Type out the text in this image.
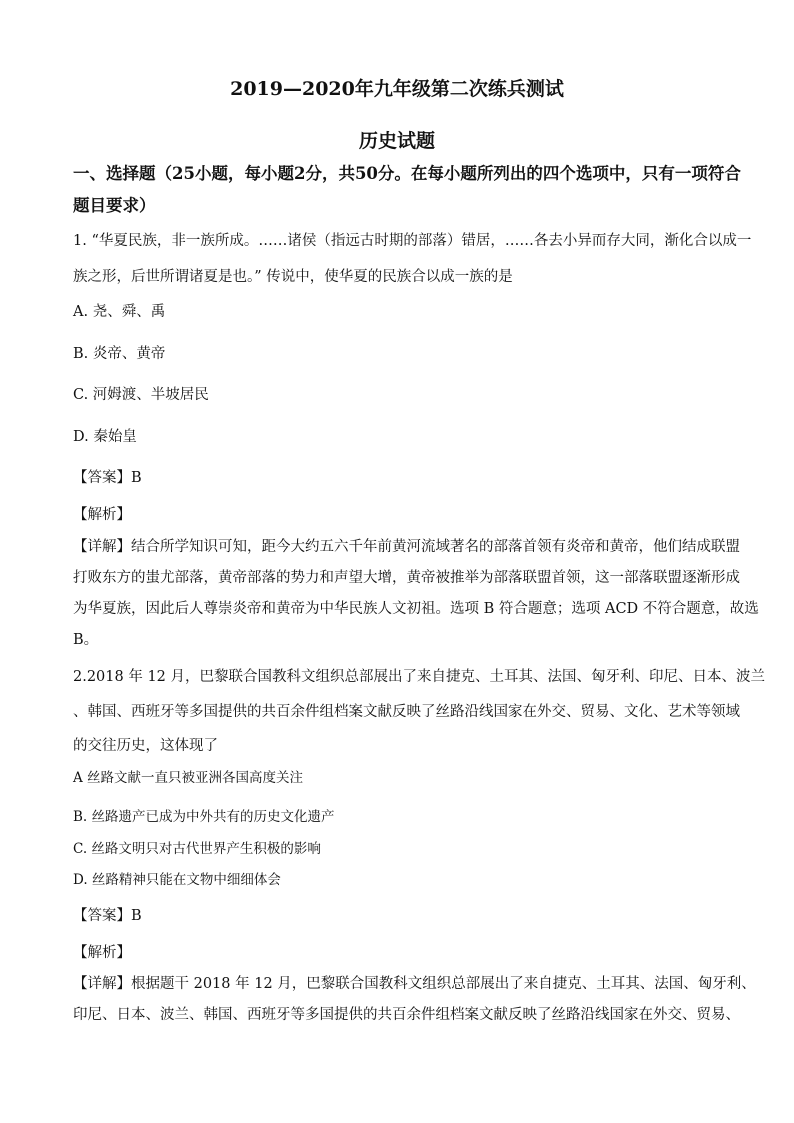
2019—2020年九年级第二次练兵测试
历史试题
一、选择题（25小题，每小题2分，共50分。在每小题所列出的四个选项中，只有一项符合
题目要求）
1. “华夏民族，非一族所成。……诸侯（指远古时期的部落）错居，……各去小异而存大同，渐化合以成一
族之形，后世所谓诸夏是也。” 传说中，使华夏的民族合以成一族的是
A. 尧、舜、禹
B. 炎帝、黄帝
C. 河姆渡、半坡居民
D. 秦始皇
【答案】B
【解析】
【详解】结合所学知识可知，距今大约五六千年前黄河流域著名的部落首领有炎帝和黄帝，他们结成联盟
打败东方的蚩尤部落，黄帝部落的势力和声望大增，黄帝被推举为部落联盟首领，这一部落联盟逐渐形成
为华夏族，因此后人尊崇炎帝和黄帝为中华民族人文初祖。选项 B 符合题意；选项 ACD 不符合题意，故选
B。
2.2018 年 12 月，巴黎联合国教科文组织总部展出了来自捷克、土耳其、法国、匈牙利、印尼、日本、波兰
、韩国、西班牙等多国提供的共百余件组档案文献反映了丝路沿线国家在外交、贸易、文化、艺术等领域
的交往历史，这体现了
A 丝路文献一直只被亚洲各国高度关注
B. 丝路遗产已成为中外共有的历史文化遗产
C. 丝路文明只对古代世界产生积极的影响
D. 丝路精神只能在文物中细细体会
【答案】B
【解析】
【详解】根据题干 2018 年 12 月，巴黎联合国教科文组织总部展出了来自捷克、土耳其、法国、匈牙利、
印尼、日本、波兰、韩国、西班牙等多国提供的共百余件组档案文献反映了丝路沿线国家在外交、贸易、
